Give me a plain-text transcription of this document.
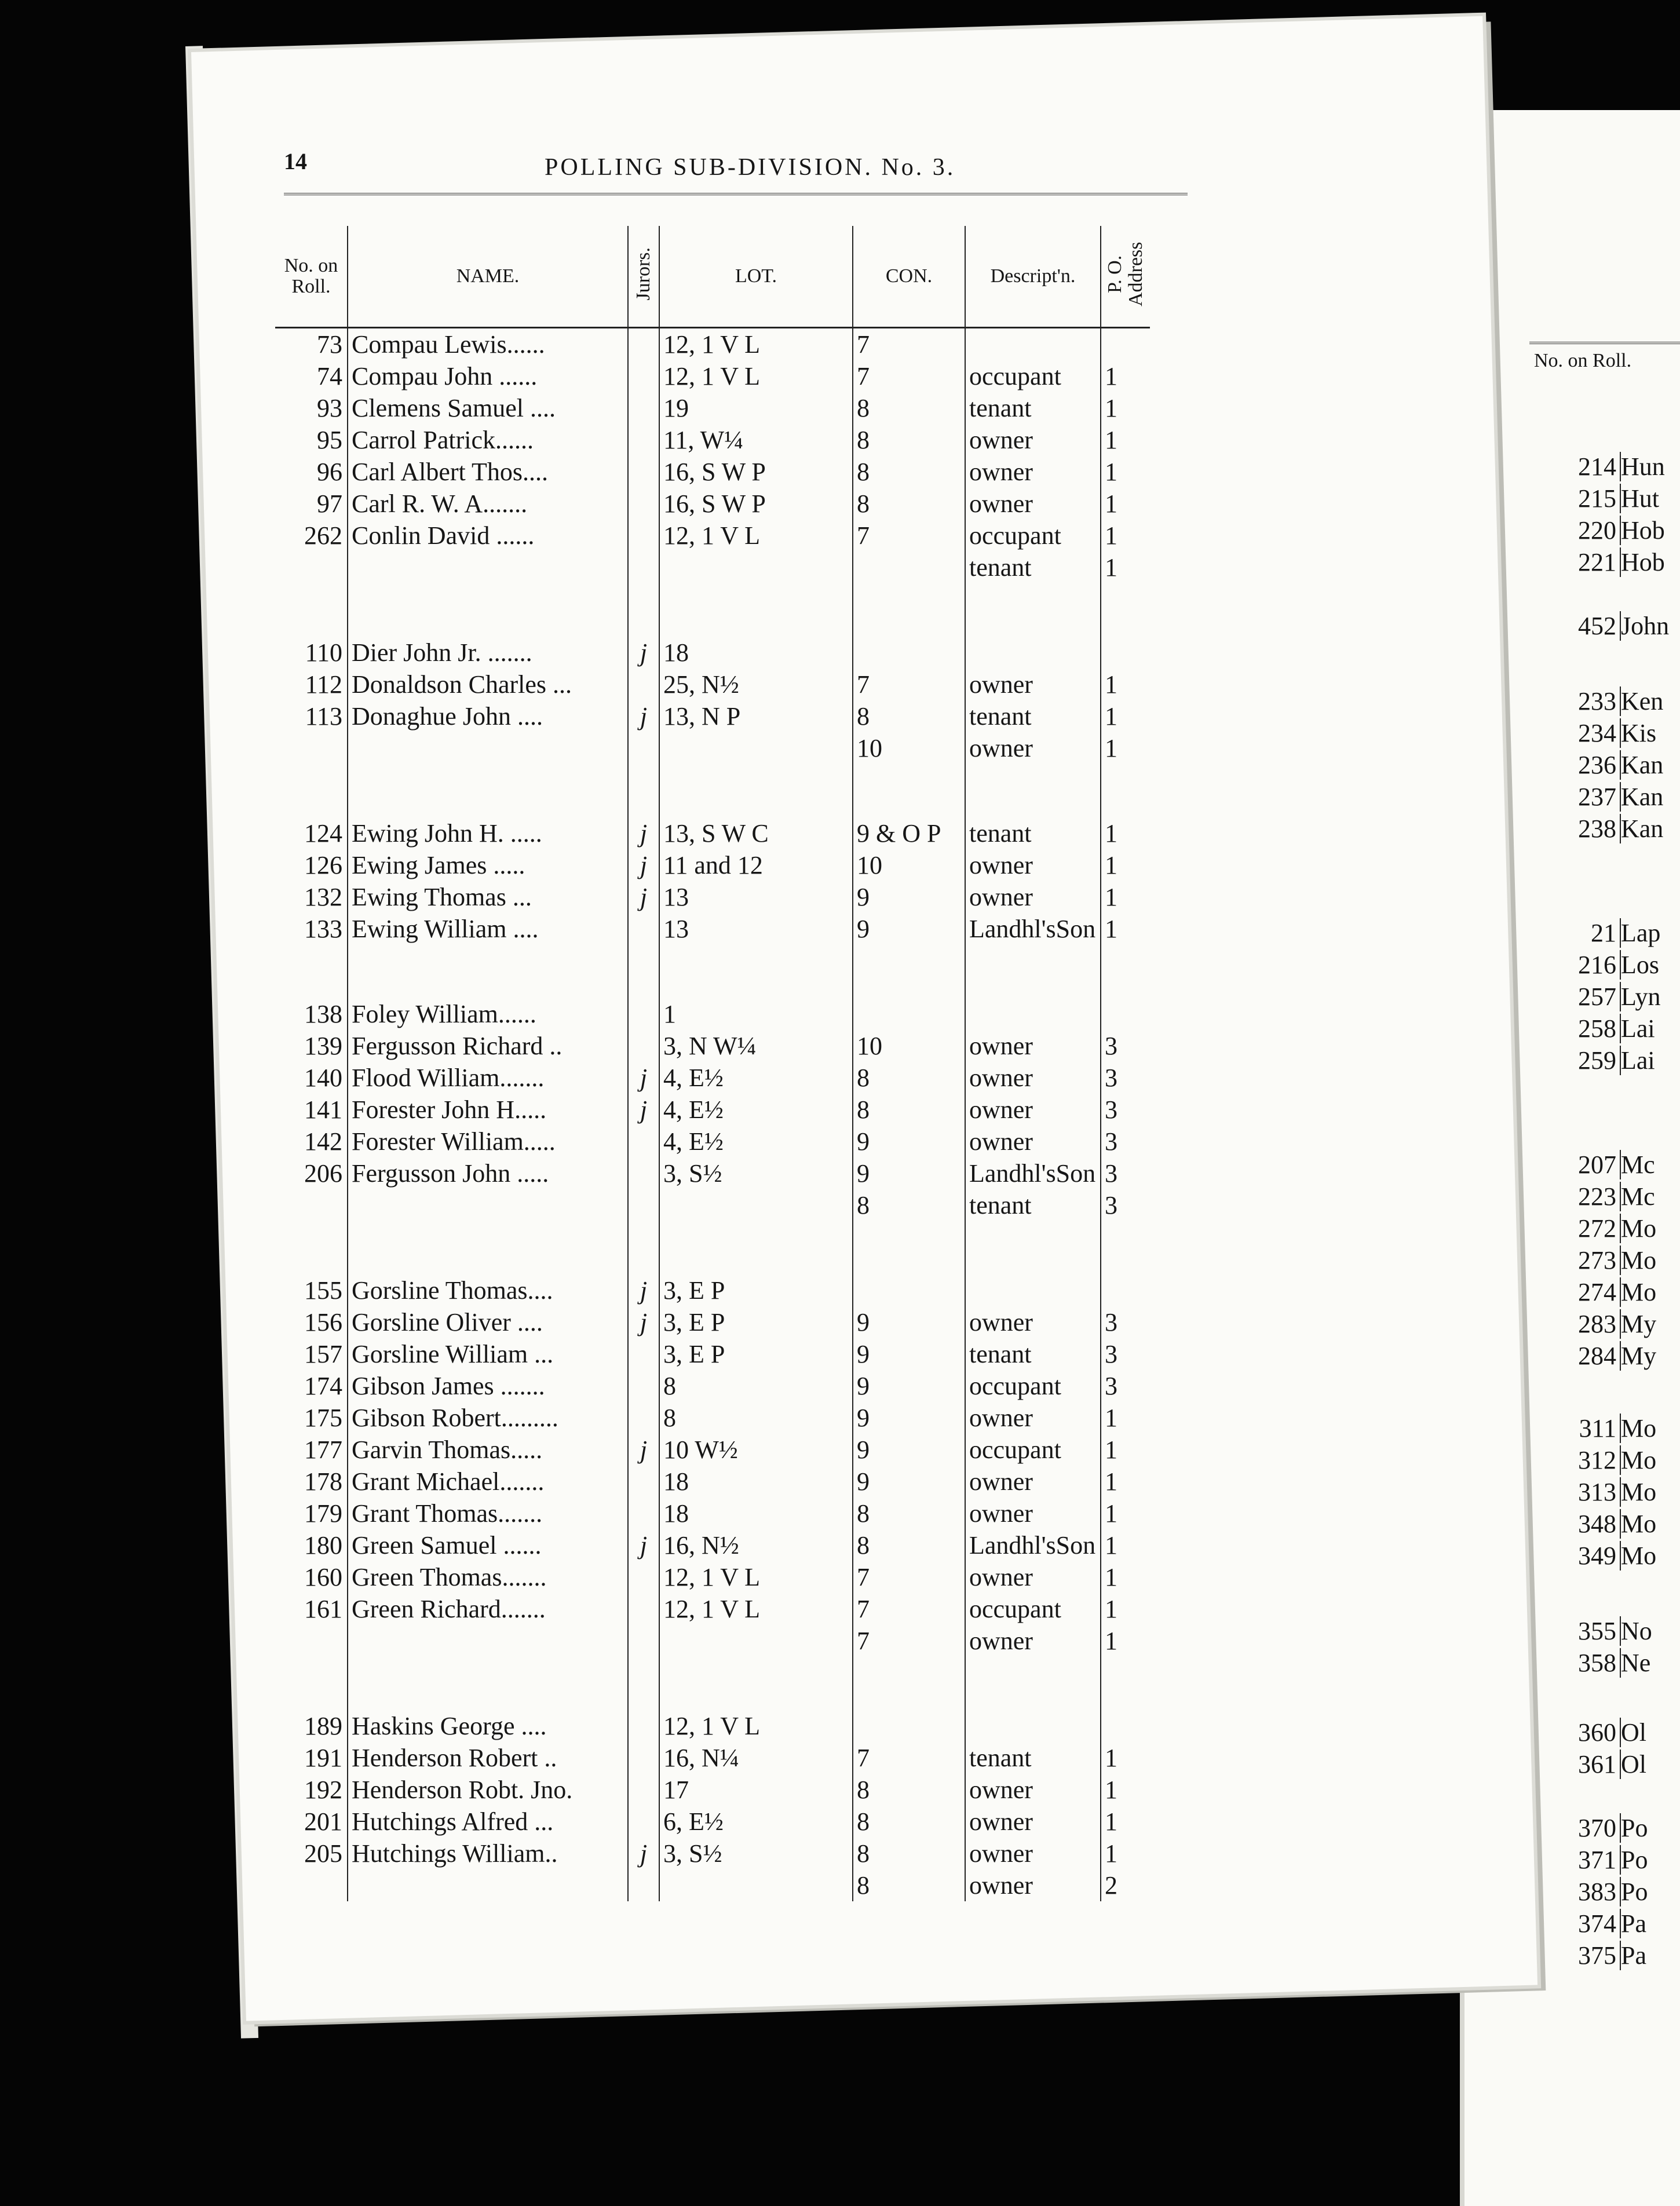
No. on Roll.
214 Hun
215 Hut
220 Hob
221 Hob
452 John
233 Ken
234 Kis
236 Kan
237 Kan
238 Kan
21 Lap
216 Los
257 Lyn
258 Lai
259 Lai
207 Mc
223 Mc
272 Mo
273 Mo
274 Mo
283 My
284 My
311 Mo
312 Mo
313 Mo
348 Mo
349 Mo
355 No
358 Ne
360 Ol
361 Ol
370 Po
371 Po
383 Po
374 Pa
375 Pa
14	POLLING SUB-DIVISION. No. 3.
No. on Roll.	NAME.	Jurors.	LOT.	CON.	Descript'n.	P. O. Address
73	Compau Lewis......		12, 1 V L	7		
74	Compau John ......		12, 1 V L	7	occupant	1
93	Clemens Samuel ....		19	8	tenant	1
95	Carrol Patrick......		11, W¼	8	owner	1
96	Carl Albert Thos....		16, S W P	8	owner	1
97	Carl R. W. A.......		16, S W P	8	owner	1
262	Conlin David ......		12, 1 V L	7	occupant	1
					tenant	1

110	Dier John Jr. .......	j	18			
112	Donaldson Charles ...		25, N½	7	owner	1
113	Donaghue John ....	j	13, N P	8	tenant	1
				10	owner	1

124	Ewing John H. .....	j	13, S W C	9 & O P	tenant	1
126	Ewing James .....	j	11 and 12	10	owner	1
132	Ewing Thomas ...	j	13	9	owner	1
133	Ewing William ....		13	9	Landhl'sSon	1

138	Foley William......		1			
139	Fergusson Richard ..		3, N W¼	10	owner	3
140	Flood William.......	j	4, E½	8	owner	3
141	Forester John H.....	j	4, E½	8	owner	3
142	Forester William.....		4, E½	9	owner	3
206	Fergusson John .....		3, S½	9	Landhl'sSon	3
				8	tenant	3

155	Gorsline Thomas....	j	3, E P			
156	Gorsline Oliver ....	j	3, E P	9	owner	3
157	Gorsline William ...		3, E P	9	tenant	3
174	Gibson James .......		8	9	occupant	3
175	Gibson Robert.........		8	9	owner	1
177	Garvin Thomas.....	j	10 W½	9	occupant	1
178	Grant Michael.......		18	9	owner	1
179	Grant Thomas.......		18	8	owner	1
180	Green Samuel ......	j	16, N½	8	Landhl'sSon	1
160	Green Thomas.......		12, 1 V L	7	owner	1
161	Green Richard.......		12, 1 V L	7	occupant	1
				7	owner	1

189	Haskins George ....		12, 1 V L			
191	Henderson Robert ..		16, N¼	7	tenant	1
192	Henderson Robt. Jno.		17	8	owner	1
201	Hutchings Alfred ...		6, E½	8	owner	1
205	Hutchings William..	j	3, S½	8	owner	1
				8	owner	2
